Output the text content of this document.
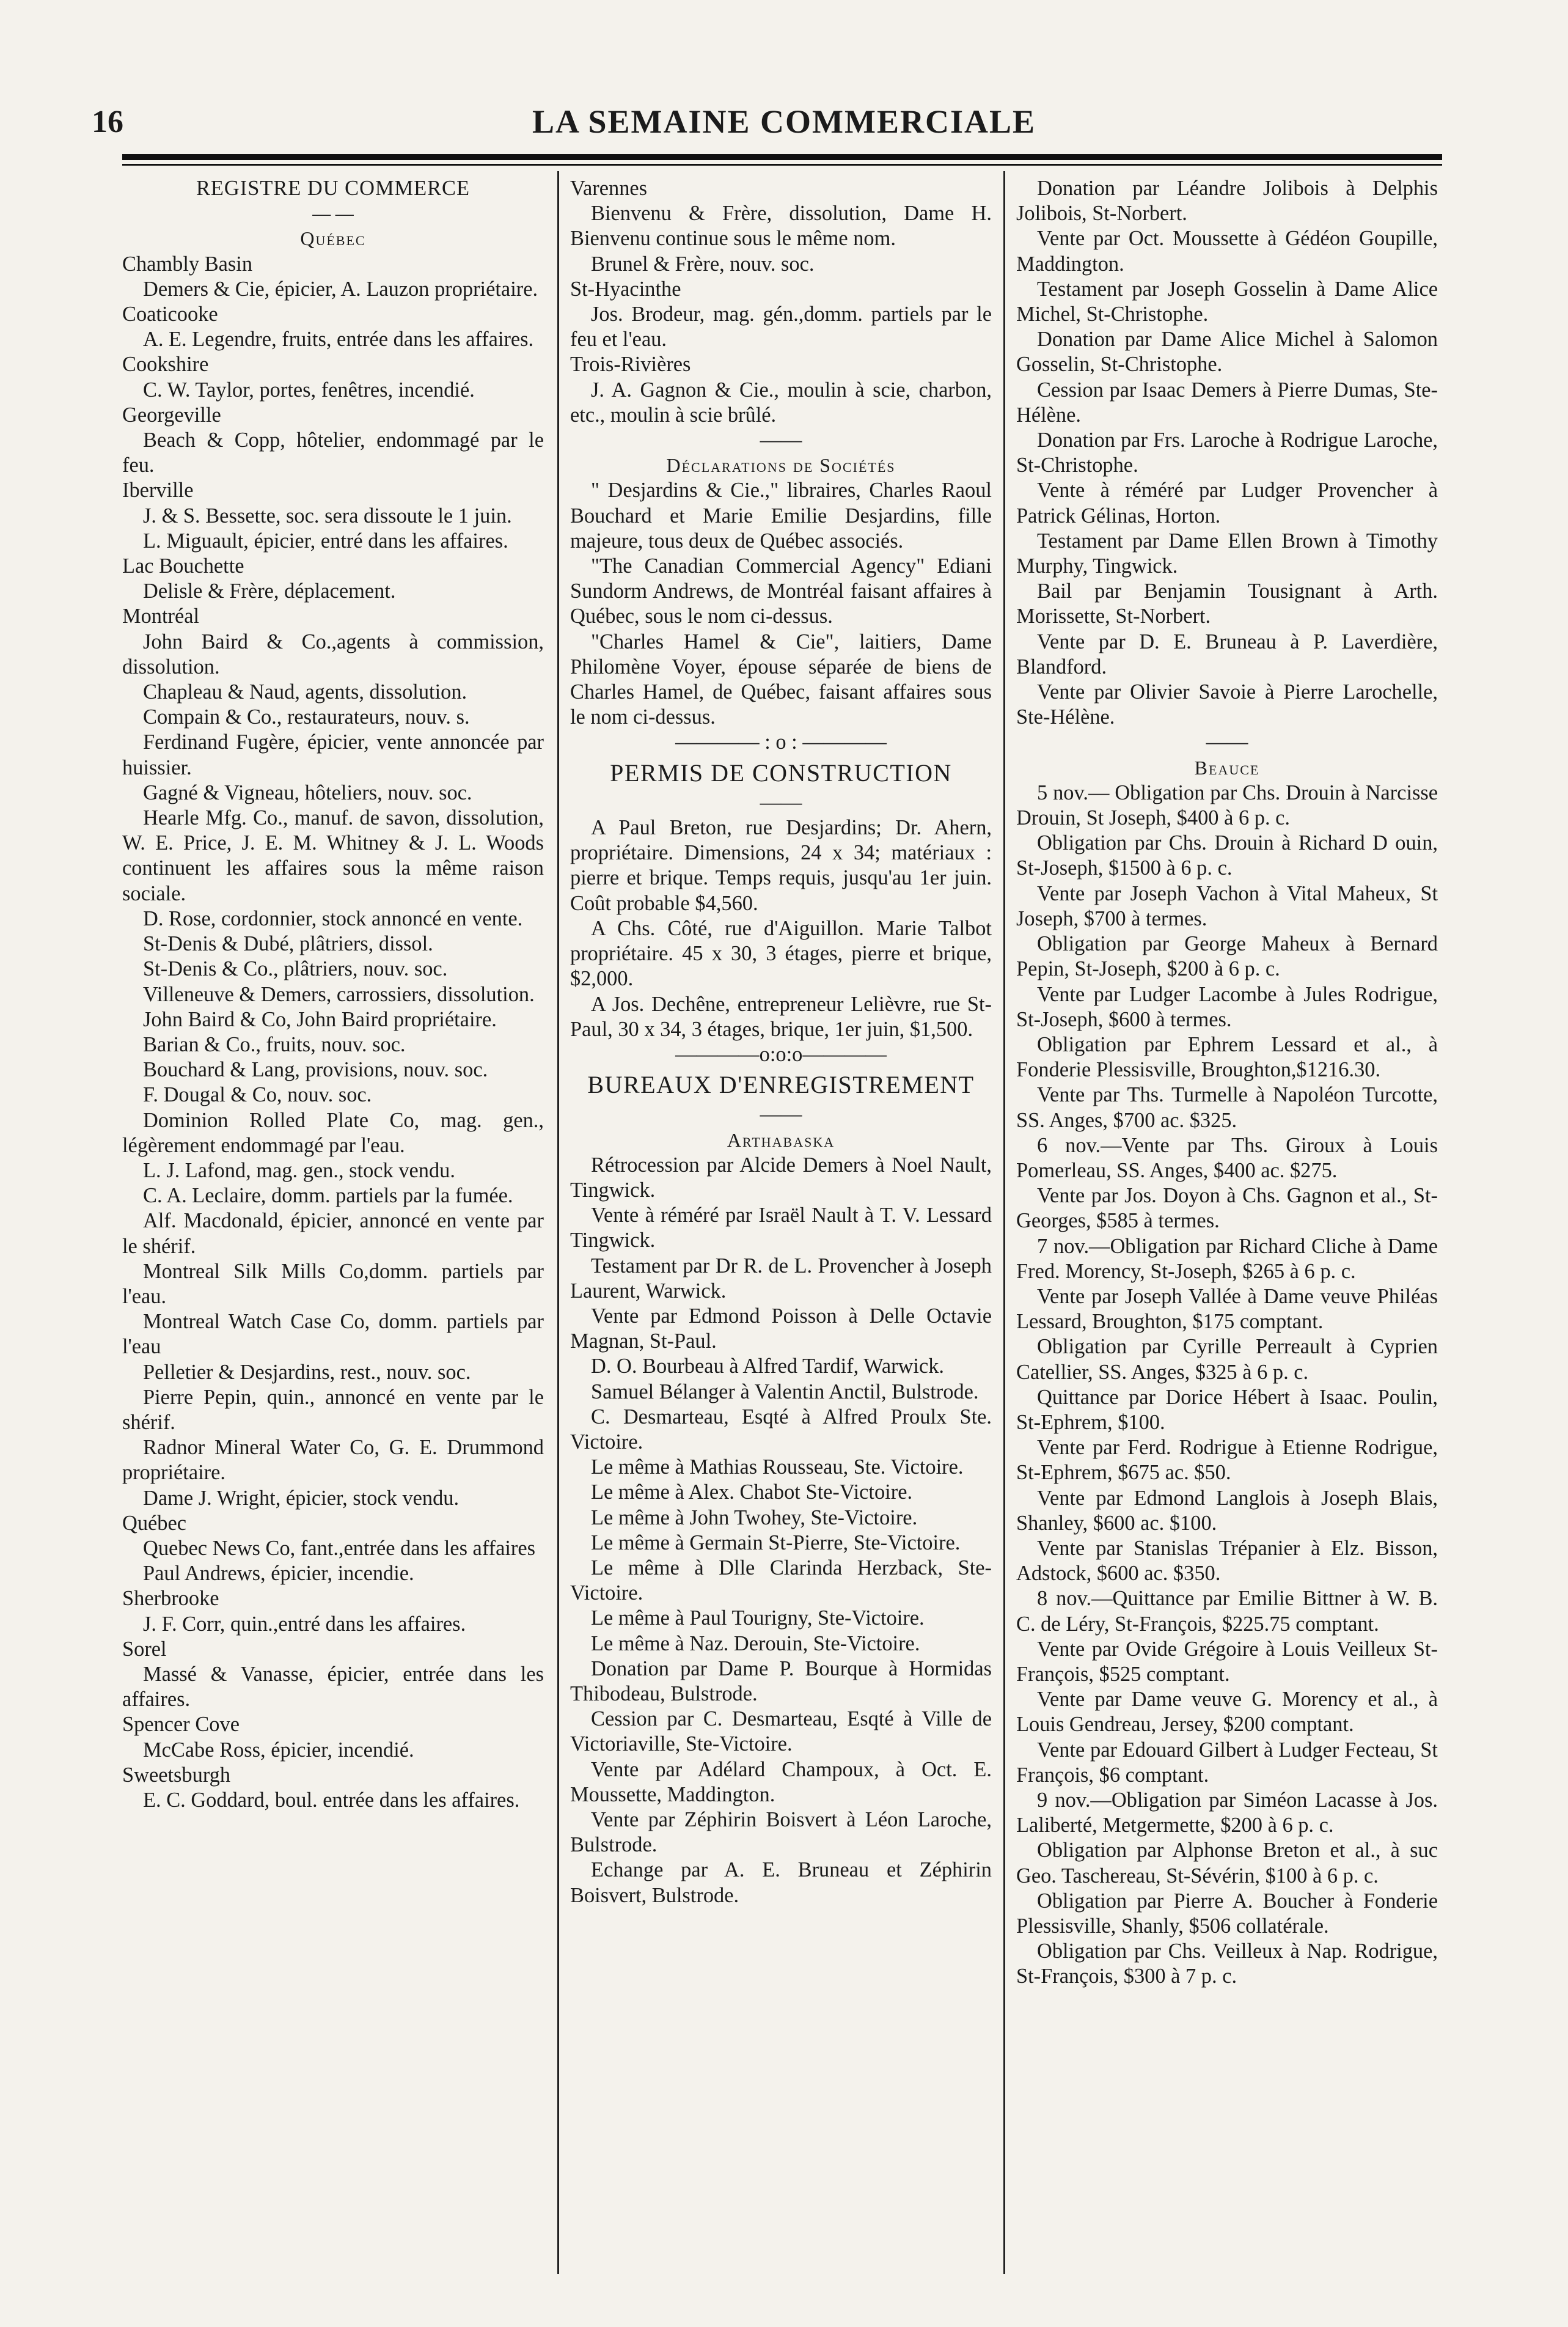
16	LA SEMAINE COMMERCIALE

REGISTRE DU COMMERCE

— —

Québec

Chambly Basin

Demers & Cie, épicier, A. Lauzon propriétaire.

Coaticooke

A. E. Legendre, fruits, entrée dans les affaires.

Cookshire

C. W. Taylor, portes, fenêtres, incendié.

Georgeville

Beach & Copp, hôtelier, endommagé par le feu.

Iberville

J. & S. Bessette, soc. sera dissoute le 1 juin.

L. Miguault, épicier, entré dans les affaires.

Lac Bouchette

Delisle & Frère, déplacement.

Montréal

John Baird & Co.,agents à commission, dissolution.

Chapleau & Naud, agents, dissolution.

Compain & Co., restaurateurs, nouv. s.

Ferdinand Fugère, épicier, vente annoncée par huissier.

Gagné & Vigneau, hôteliers, nouv. soc.

Hearle Mfg. Co., manuf. de savon, dissolution, W. E. Price, J. E. M. Whitney & J. L. Woods continuent les affaires sous la même raison sociale.

D. Rose, cordonnier, stock annoncé en vente.

St-Denis & Dubé, plâtriers, dissol.

St-Denis & Co., plâtriers, nouv. soc.

Villeneuve & Demers, carrossiers, dissolution.

John Baird & Co, John Baird propriétaire.

Barian & Co., fruits, nouv. soc.

Bouchard & Lang, provisions, nouv. soc.

F. Dougal & Co, nouv. soc.

Dominion Rolled Plate Co, mag. gen., légèrement endommagé par l'eau.

L. J. Lafond, mag. gen., stock vendu.

C. A. Leclaire, domm. partiels par la fumée.

Alf. Macdonald, épicier, annoncé en vente par le shérif.

Montreal Silk Mills Co,domm. partiels par l'eau.

Montreal Watch Case Co, domm. partiels par l'eau

Pelletier & Desjardins, rest., nouv. soc.

Pierre Pepin, quin., annoncé en vente par le shérif.

Radnor Mineral Water Co, G. E. Drummond propriétaire.

Dame J. Wright, épicier, stock vendu.

Québec

Quebec News Co, fant.,entrée dans les affaires

Paul Andrews, épicier, incendie.

Sherbrooke

J. F. Corr, quin.,entré dans les affaires.

Sorel

Massé & Vanasse, épicier, entrée dans les affaires.

Spencer Cove

McCabe Ross, épicier, incendié.

Sweetsburgh

E. C. Goddard, boul. entrée dans les affaires.

Varennes

Bienvenu & Frère, dissolution, Dame H. Bienvenu continue sous le même nom.

Brunel & Frère, nouv. soc.

St-Hyacinthe

Jos. Brodeur, mag. gén.,domm. partiels par le feu et l'eau.

Trois-Rivières

J. A. Gagnon & Cie., moulin à scie, charbon, etc., moulin à scie brûlé.

——

Déclarations de Sociétés

" Desjardins & Cie.," libraires, Charles Raoul Bouchard et Marie Emilie Desjardins, fille majeure, tous deux de Québec associés.

"The Canadian Commercial Agency" Ediani Sundorm Andrews, de Montréal faisant affaires à Québec, sous le nom ci-dessus.

"Charles Hamel & Cie", laitiers, Dame Philomène Voyer, épouse séparée de biens de Charles Hamel, de Québec, faisant affaires sous le nom ci-dessus.

———— : o : ————

PERMIS DE CONSTRUCTION

——

A Paul Breton, rue Desjardins; Dr. Ahern, propriétaire. Dimensions, 24 x 34; matériaux : pierre et brique. Temps requis, jusqu'au 1er juin. Coût probable $4,560.

A Chs. Côté, rue d'Aiguillon. Marie Talbot propriétaire. 45 x 30, 3 étages, pierre et brique, $2,000.

A Jos. Dechêne, entrepreneur Lelièvre, rue St-Paul, 30 x 34, 3 étages, brique, 1er juin, $1,500.

————o:o:o————

BUREAUX D'ENREGISTREMENT

——

Arthabaska

Rétrocession par Alcide Demers à Noel Nault, Tingwick.

Vente à réméré par Israël Nault à T. V. Lessard Tingwick.

Testament par Dr R. de L. Provencher à Joseph Laurent, Warwick.

Vente par Edmond Poisson à Delle Octavie Magnan, St-Paul.

D. O. Bourbeau à Alfred Tardif, Warwick.

Samuel Bélanger à Valentin Anctil, Bulstrode.

C. Desmarteau, Esqté à Alfred Proulx Ste. Victoire.

Le même à Mathias Rousseau, Ste. Victoire.

Le même à Alex. Chabot Ste-Victoire.

Le même à John Twohey, Ste-Victoire.

Le même à Germain St-Pierre, Ste-Victoire.

Le même à Dlle Clarinda Herzback, Ste-Victoire.

Le même à Paul Tourigny, Ste-Victoire.

Le même à Naz. Derouin, Ste-Victoire.

Donation par Dame P. Bourque à Hormidas Thibodeau, Bulstrode.

Cession par C. Desmarteau, Esqté à Ville de Victoriaville, Ste-Victoire.

Vente par Adélard Champoux, à Oct. E. Moussette, Maddington.

Vente par Zéphirin Boisvert à Léon Laroche, Bulstrode.

Echange par A. E. Bruneau et Zéphirin Boisvert, Bulstrode.

Donation par Léandre Jolibois à Delphis Jolibois, St-Norbert.

Vente par Oct. Moussette à Gédéon Goupille, Maddington.

Testament par Joseph Gosselin à Dame Alice Michel, St-Christophe.

Donation par Dame Alice Michel à Salomon Gosselin, St-Christophe.

Cession par Isaac Demers à Pierre Dumas, Ste-Hélène.

Donation par Frs. Laroche à Rodrigue Laroche, St-Christophe.

Vente à réméré par Ludger Provencher à Patrick Gélinas, Horton.

Testament par Dame Ellen Brown à Timothy Murphy, Tingwick.

Bail par Benjamin Tousignant à Arth. Morissette, St-Norbert.

Vente par D. E. Bruneau à P. Laverdière, Blandford.

Vente par Olivier Savoie à Pierre Larochelle, Ste-Hélène.

——

Beauce

5 nov.— Obligation par Chs. Drouin à Narcisse Drouin, St Joseph, $400 à 6 p. c.

Obligation par Chs. Drouin à Richard D ouin, St-Joseph, $1500 à 6 p. c.

Vente par Joseph Vachon à Vital Maheux, St Joseph, $700 à termes.

Obligation par George Maheux à Bernard Pepin, St-Joseph, $200 à 6 p. c.

Vente par Ludger Lacombe à Jules Rodrigue, St-Joseph, $600 à termes.

Obligation par Ephrem Lessard et al., à Fonderie Plessisville, Broughton,$1216.30.

Vente par Ths. Turmelle à Napoléon Turcotte, SS. Anges, $700 ac. $325.

6 nov.—Vente par Ths. Giroux à Louis Pomerleau, SS. Anges, $400 ac. $275.

Vente par Jos. Doyon à Chs. Gagnon et al., St-Georges, $585 à termes.

7 nov.—Obligation par Richard Cliche à Dame Fred. Morency, St-Joseph, $265 à 6 p. c.

Vente par Joseph Vallée à Dame veuve Philéas Lessard, Broughton, $175 comptant.

Obligation par Cyrille Perreault à Cyprien Catellier, SS. Anges, $325 à 6 p. c.

Quittance par Dorice Hébert à Isaac. Poulin, St-Ephrem, $100.

Vente par Ferd. Rodrigue à Etienne Rodrigue, St-Ephrem, $675 ac. $50.

Vente par Edmond Langlois à Joseph Blais, Shanley, $600 ac. $100.

Vente par Stanislas Trépanier à Elz. Bisson, Adstock, $600 ac. $350.

8 nov.—Quittance par Emilie Bittner à W. B. C. de Léry, St-François, $225.75 comptant.

Vente par Ovide Grégoire à Louis Veilleux St-François, $525 comptant.

Vente par Dame veuve G. Morency et al., à Louis Gendreau, Jersey, $200 comptant.

Vente par Edouard Gilbert à Ludger Fecteau, St François, $6 comptant.

9 nov.—Obligation par Siméon Lacasse à Jos. Laliberté, Metgermette, $200 à 6 p. c.

Obligation par Alphonse Breton et al., à suc Geo. Taschereau, St-Sévérin, $100 à 6 p. c.

Obligation par Pierre A. Boucher à Fonderie Plessisville, Shanly, $506 collatérale.

Obligation par Chs. Veilleux à Nap. Rodrigue, St-François, $300 à 7 p. c.
